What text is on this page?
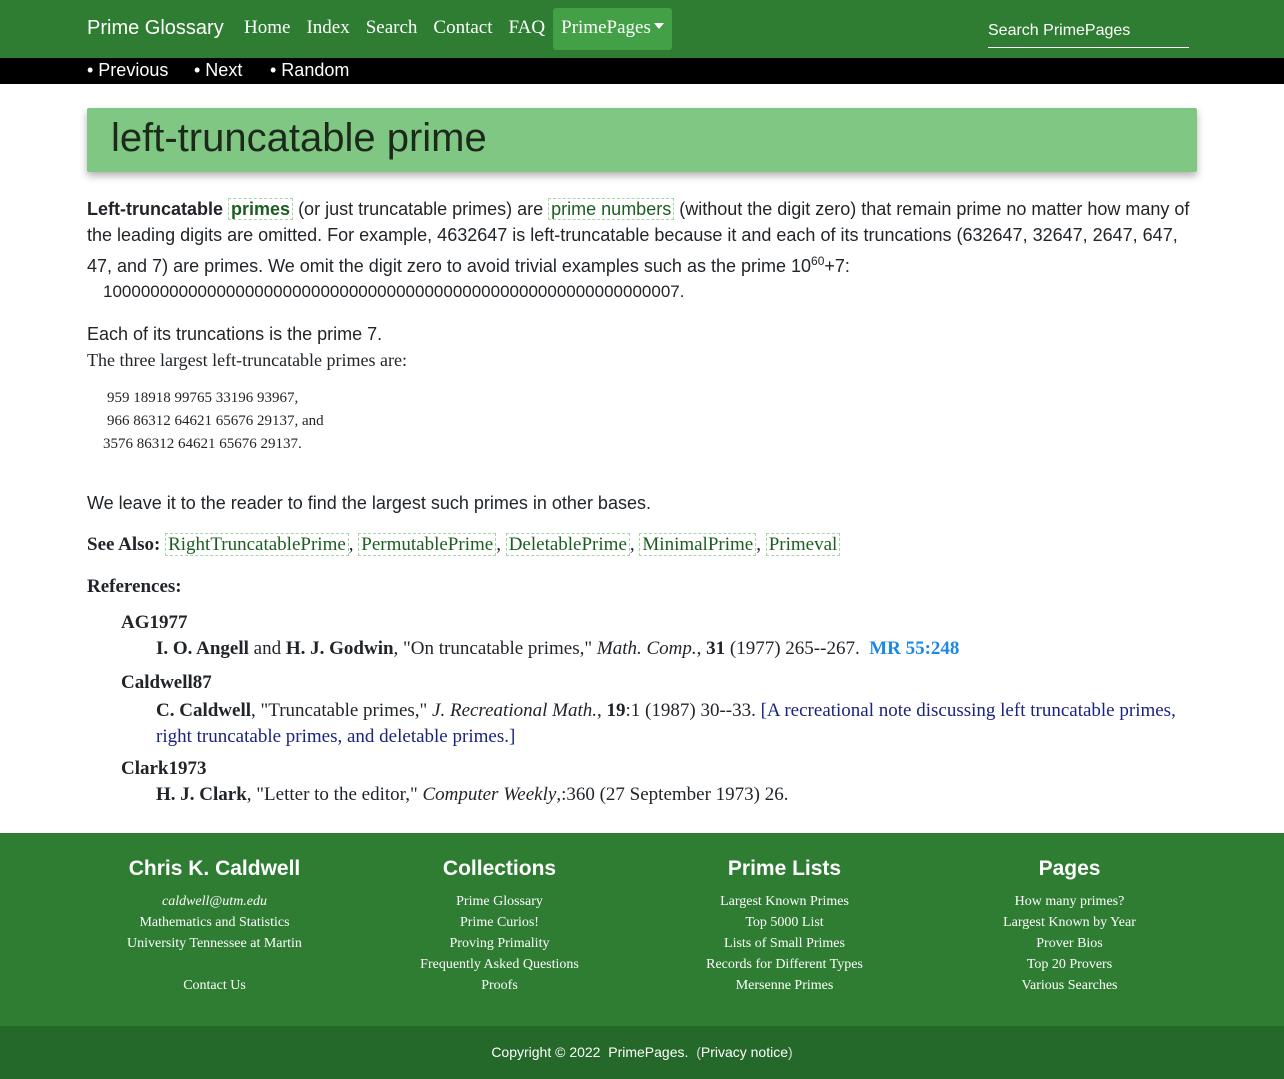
Prime Glossary	Home Index Search Contact FAQ PrimePages
Search PrimePages
• Previous • Next • Random
left-truncatable prime

Left-truncatable primes (or just truncatable primes) are prime numbers (without the digit zero) that remain prime no matter how many of the leading digits are omitted. For example, 4632647 is left-truncatable because it and each of its truncations (632647, 32647, 2647, 647, 47, and 7) are primes. We omit the digit zero to avoid trivial examples such as the prime $10^{60}+7$:

1000000000000000000000000000000000000000000000000000000000007.

Each of its truncations is the prime 7.

The three largest left-truncatable primes are:

959 18918 99765 33196 93967,
966 86312 64621 65676 29137, and
3576 86312 64621 65676 29137.

We leave it to the reader to find the largest such primes in other bases.

See Also: RightTruncatablePrime , PermutablePrime , DeletablePrime , MinimalPrime , Primeval

References:

AG1977
I. O. Angell and H. J. Godwin, "On truncatable primes," Math. Comp., 31 (1977) 265--267. MR 55:248
Caldwell87
C. Caldwell, "Truncatable primes," J. Recreational Math., 19:1 (1987) 30--33. [A recreational note discussing left truncatable primes, right truncatable primes, and deletable primes.]
Clark1973
H. J. Clark, "Letter to the editor," Computer Weekly,:360 (27 September 1973) 26.
Chris K. Caldwell
caldwell@utm.edu
Mathematics and Statistics
University Tennessee at Martin
Contact Us
Collections
Prime Glossary
Prime Curios!
Proving Primality
Frequently Asked Questions
Proofs
Prime Lists
Largest Known Primes
Top 5000 List
Lists of Small Primes
Records for Different Types
Mersenne Primes
Pages
How many primes?
Largest Known by Year
Prover Bios
Top 20 Provers
Various Searches
Copyright © 2022 PrimePages.  (Privacy notice)
